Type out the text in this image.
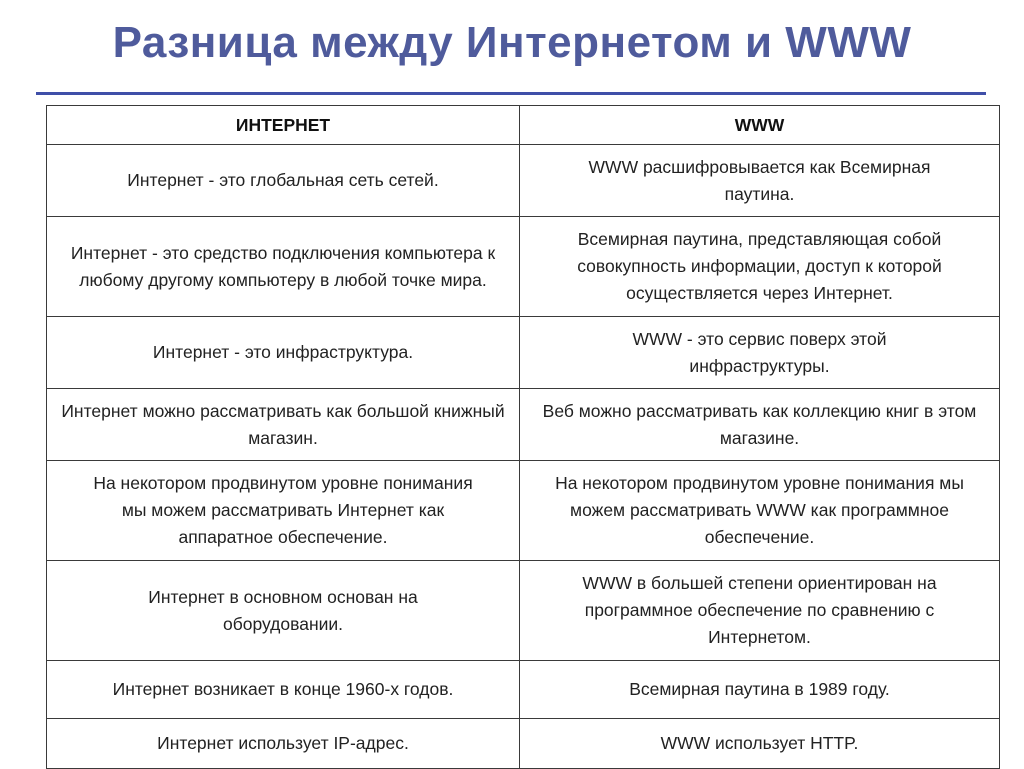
Разница между Интернетом и WWW
ИНТЕРНЕТ	WWW
Интернет - это глобальная сеть сетей.	WWW расшифровывается как Всемирная паутина.
Интернет - это средство подключения компьютера к любому другому компьютеру в любой точке мира.	Всемирная паутина, представляющая собой совокупность информации, доступ к которой осуществляется через Интернет.
Интернет - это инфраструктура.	WWW - это сервис поверх этой инфраструктуры.
Интернет можно рассматривать как большой книжный магазин.	Веб можно рассматривать как коллекцию книг в этом магазине.
На некотором продвинутом уровне понимания мы можем рассматривать Интернет как аппаратное обеспечение.	На некотором продвинутом уровне понимания мы можем рассматривать WWW как программное обеспечение.
Интернет в основном основан на оборудовании.	WWW в большей степени ориентирован на программное обеспечение по сравнению с Интернетом.
Интернет возникает в конце 1960-х годов.	Всемирная паутина в 1989 году.
Интернет использует IP-адрес.	WWW использует HTTP.
